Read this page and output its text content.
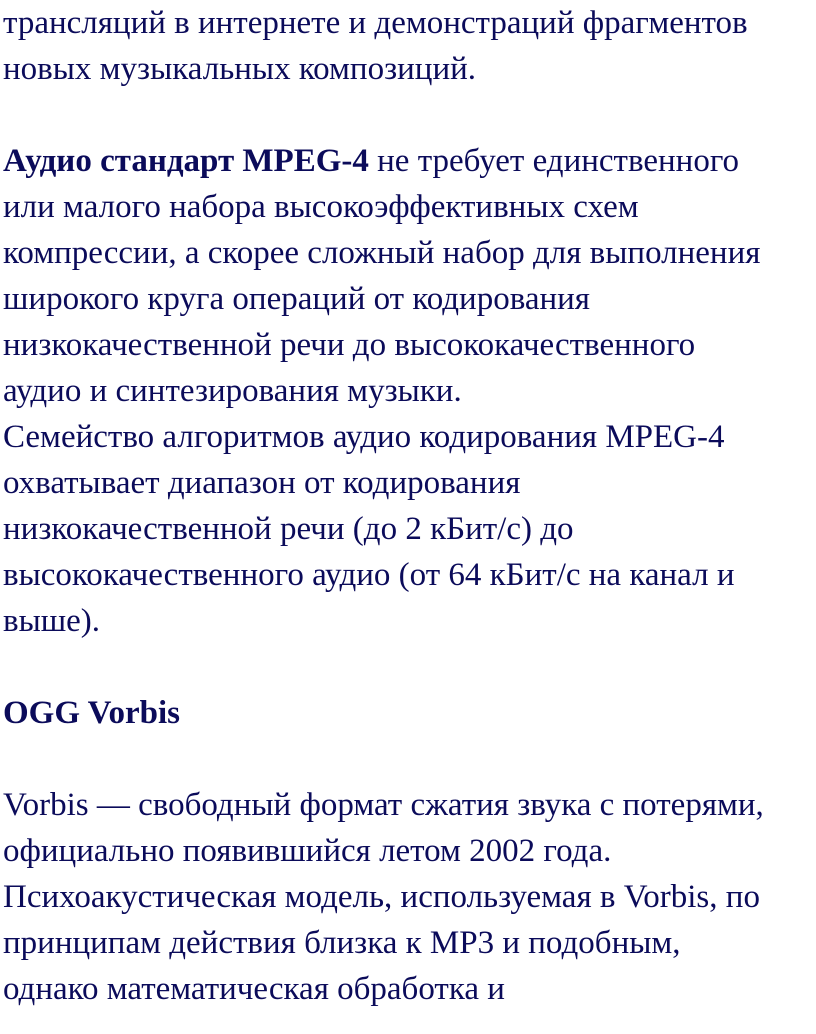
трансляций в интернете и демонстраций фрагментов
новых музыкальных композиций.

Аудио стандарт MPEG-4 не требует единственного
или малого набора высокоэффективных схем
компрессии, а скорее сложный набор для выполнения
широкого круга операций от кодирования
низкокачественной речи до высококачественного
аудио и синтезирования музыки.
Семейство алгоритмов аудио кодирования MPEG-4
охватывает диапазон от кодирования
низкокачественной речи (до 2 кБит/с) до
высококачественного аудио (от 64 кБит/с на канал и
выше).

OGG Vorbis

Vorbis — свободный формат сжатия звука с потерями,
официально появившийся летом 2002 года.
Психоакустическая модель, используемая в Vorbis, по
принципам действия близка к MP3 и подобным,
однако математическая обработка и
